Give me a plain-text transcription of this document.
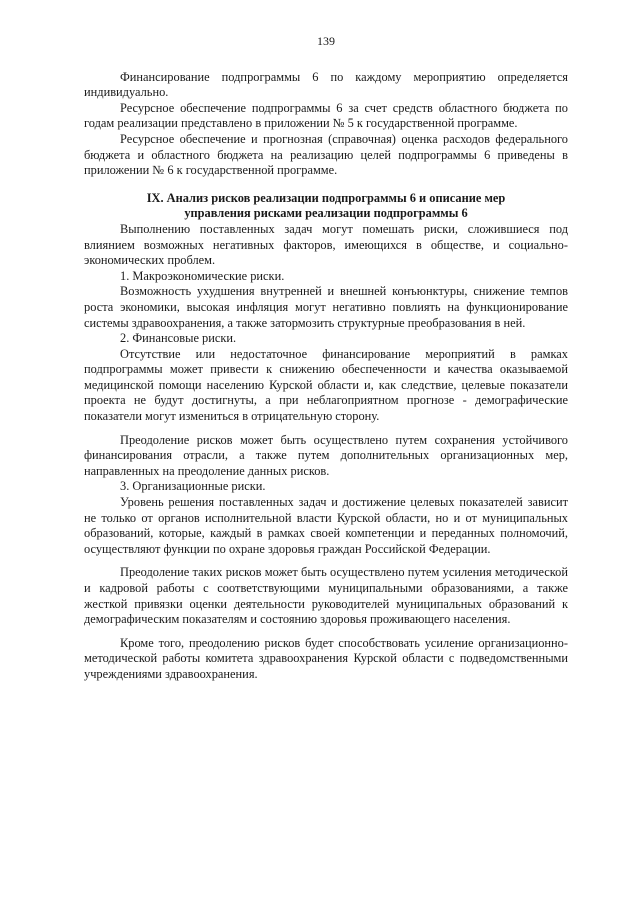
139

Финансирование подпрограммы 6 по каждому мероприятию определяется индивидуально.

Ресурсное обеспечение подпрограммы 6 за счет средств областного бюджета по годам реализации представлено в приложении № 5 к государственной программе.

Ресурсное обеспечение и прогнозная (справочная) оценка расходов федерального бюджета и областного бюджета на реализацию целей подпрограммы 6 приведены в приложении № 6 к государственной программе.

IX. Анализ рисков реализации подпрограммы 6 и описание мер управления рисками реализации подпрограммы 6

Выполнению поставленных задач могут помешать риски, сложившиеся под влиянием возможных негативных факторов, имеющихся в обществе, и социально-экономических проблем.

1. Макроэкономические риски.

Возможность ухудшения внутренней и внешней конъюнктуры, снижение темпов роста экономики, высокая инфляция могут негативно повлиять на функционирование системы здравоохранения, а также затормозить структурные преобразования в ней.

2. Финансовые риски.

Отсутствие или недостаточное финансирование мероприятий в рамках подпрограммы может привести к снижению обеспеченности и качества оказываемой медицинской помощи населению Курской области и, как следствие, целевые показатели проекта не будут достигнуты, а при неблагоприятном прогнозе - демографические показатели могут измениться в отрицательную сторону.

Преодоление рисков может быть осуществлено путем сохранения устойчивого финансирования отрасли, а также путем дополнительных организационных мер, направленных на преодоление данных рисков.

3. Организационные риски.

Уровень решения поставленных задач и достижение целевых показателей зависит не только от органов исполнительной власти Курской области, но и от муниципальных образований, которые, каждый в рамках своей компетенции и переданных полномочий, осуществляют функции по охране здоровья граждан Российской Федерации.

Преодоление таких рисков может быть осуществлено путем усиления методической и кадровой работы с соответствующими муниципальными образованиями, а также жесткой привязки оценки деятельности руководителей муниципальных образований к демографическим показателям и состоянию здоровья проживающего населения.

Кроме того, преодолению рисков будет способствовать усиление организационно-методической работы комитета здравоохранения Курской области с подведомственными учреждениями здравоохранения.
